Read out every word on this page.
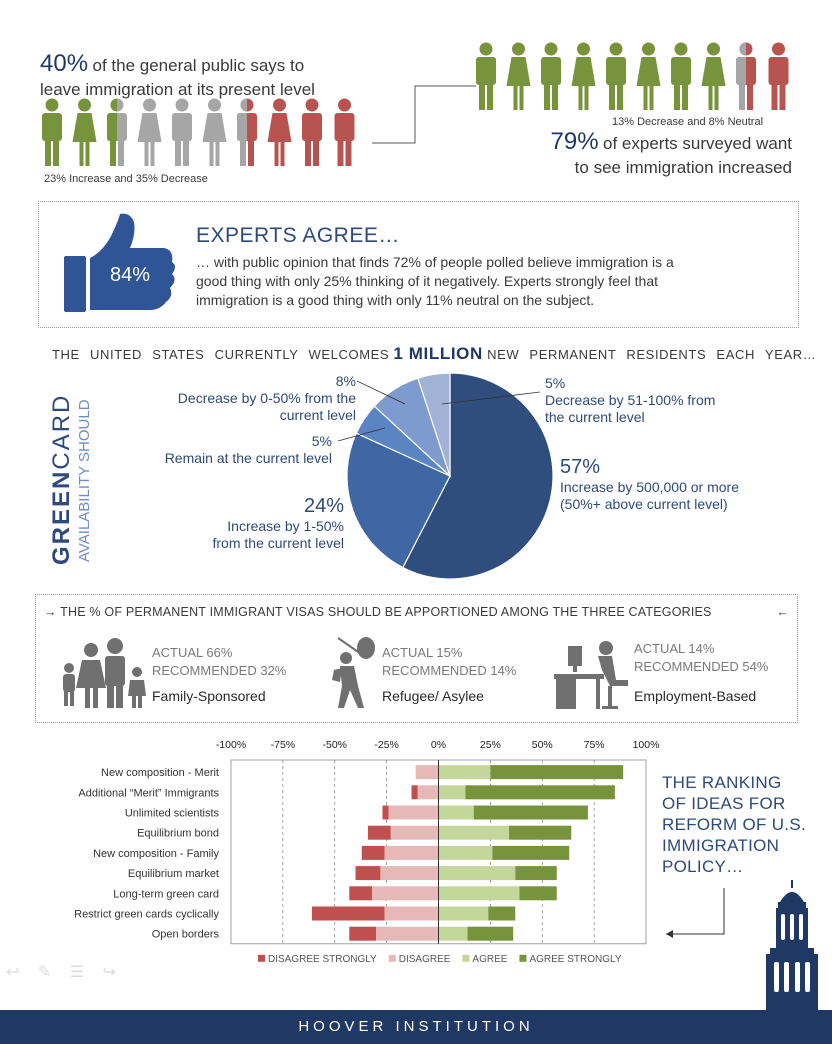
40% of the general public says to
leave immigration at its present level
23% Increase and 35% Decrease
13% Decrease and 8% Neutral
79% of experts surveyed want
to see immigration increased
84%
EXPERTS AGREE…
… with public opinion that finds 72% of people polled believe immigration is a
good thing with only 25% thinking of it negatively. Experts strongly feel that
immigration is a good thing with only 11% neutral on the subject.
THE UNITED STATES CURRENTLY WELCOMES 1 MILLION NEW PERMANENT RESIDENTS EACH YEAR…
GREENCARD AVAILABILITY SHOULD
8%
Decrease by 0-50% from the
current level
5%
Remain at the current level
24%
Increase by 1-50%
from the current level
5%
Decrease by 51-100% from
the current level
57%
Increase by 500,000 or more
(50%+ above current level)
→ THE % OF PERMANENT IMMIGRANT VISAS SHOULD BE APPORTIONED AMONG THE THREE CATEGORIES	←
ACTUAL 66%
RECOMMENDED 32%
Family-Sponsored
ACTUAL 15%
RECOMMENDED 14%
Refugee/ Asylee
ACTUAL 14%
RECOMMENDED 54%
Employment-Based
-100% -75%	-50%	-25%	0%	25%	50%	75%	100%
New composition - Merit
Additional “Merit” Immigrants
Unlimited scientists
Equilibrium bond
New composition - Family
Equilibrium market
Long-term green card
Restrict green cards cyclically
Open borders
DISAGREE STRONGLY DISAGREE AGREE AGREE STRONGLY
THE RANKING
OF IDEAS FOR
REFORM OF U.S.
IMMIGRATION
POLICY…
↩ ✎ ☰ ↪
HOOVER INSTITUTION
